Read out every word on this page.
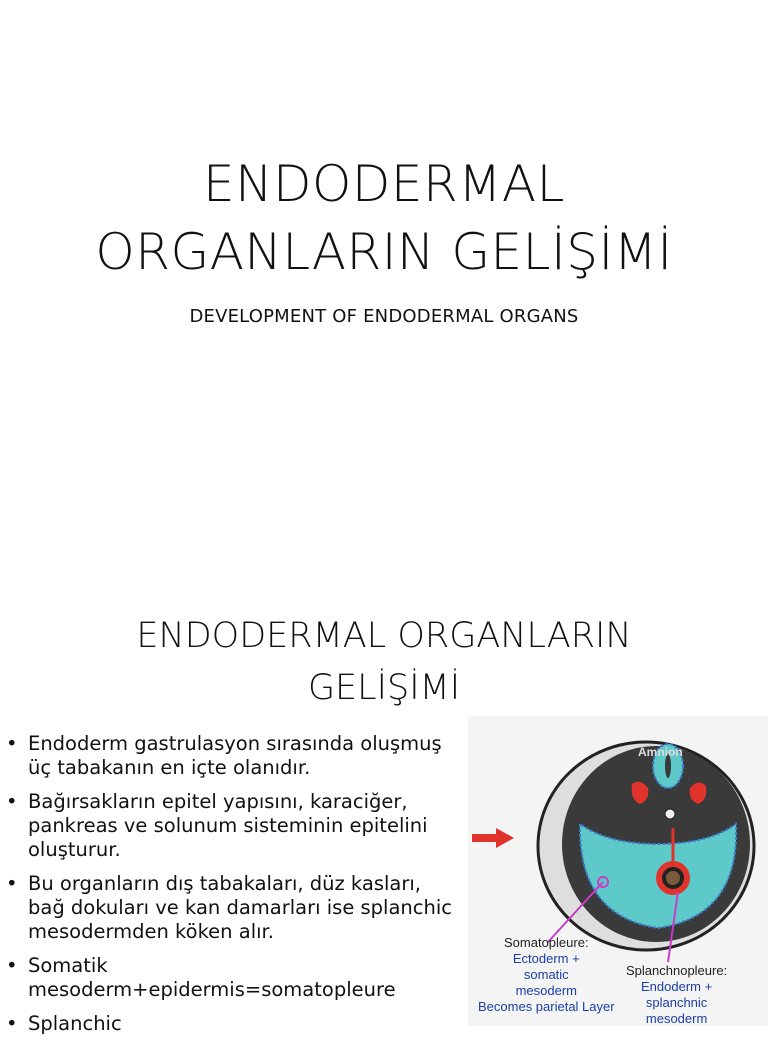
ENDODERMAL
ORGANLARIN GELİŞİMİ
DEVELOPMENT OF ENDODERMAL ORGANS
ENDODERMAL ORGANLARIN
GELİŞİMİ
• Endoderm gastrulasyon sırasında oluşmuş üç tabakanın en içte olanıdır.
• Bağırsakların epitel yapısını, karaciğer, pankreas ve solunum sisteminin epitelini oluşturur.
• Bu organların dış tabakaları, düz kasları, bağ dokuları ve kan damarları ise splanchic mesodermden köken alır.
• Somatik mesoderm+epidermis=somatopleure
• Splanchic
Amnion
Somatopleure:
Ectoderm +
somatic
mesoderm
Becomes parietal Layer
Splanchnopleure:
Endoderm +
splanchnic
mesoderm
